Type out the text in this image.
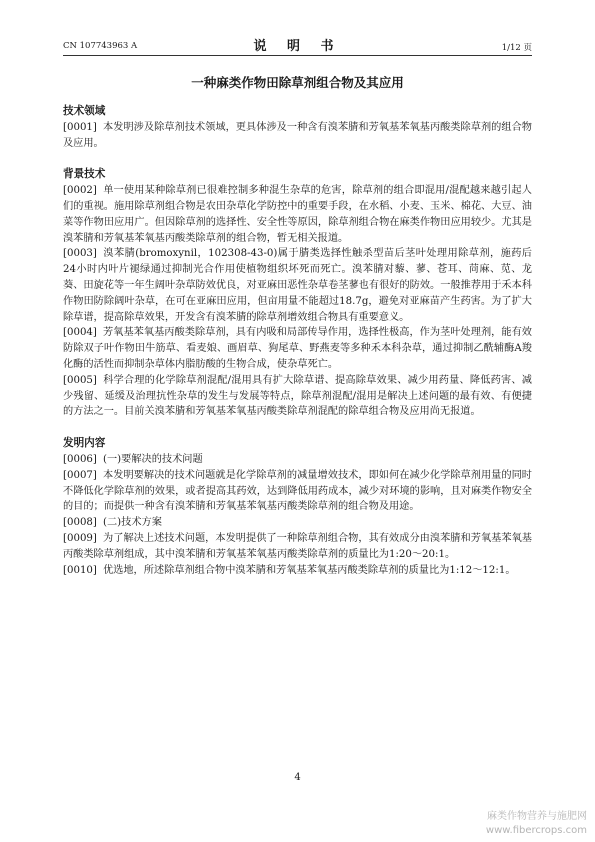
CN 107743963 A	说 明 书	1/12 页
一种麻类作物田除草剂组合物及其应用
技术领域
[0001] 本发明涉及除草剂技术领域，更具体涉及一种含有溴苯腈和芳氧基苯氧基丙酸类除草剂的组合物及应用。
背景技术
[0002] 单一使用某种除草剂已很难控制多种混生杂草的危害，除草剂的组合即混用/混配越来越引起人们的重视。施用除草剂组合物是农田杂草化学防控中的重要手段，在水稻、小麦、玉米、棉花、大豆、油菜等作物田应用广。但因除草剂的选择性、安全性等原因，除草剂组合物在麻类作物田应用较少。尤其是溴苯腈和芳氧基苯氧基丙酸类除草剂的组合物，暂无相关报道。
[0003] 溴苯腈(bromoxynil，102308-43-0)属于腈类选择性触杀型苗后茎叶处理用除草剂，施药后24小时内叶片褪绿通过抑制光合作用使植物组织坏死而死亡。溴苯腈对藜、蓼、苍耳、苘麻、苋、龙葵、田旋花等一年生阔叶杂草防效优良，对亚麻田恶性杂草卷茎蓼也有很好的防效。一般推荐用于禾本科作物田防除阔叶杂草，在可在亚麻田应用，但亩用量不能超过18.7g，避免对亚麻苗产生药害。为了扩大除草谱，提高除草效果，开发含有溴苯腈的除草剂增效组合物具有重要意义。
[0004] 芳氧基苯氧基丙酸类除草剂，具有内吸和局部传导作用，选择性极高，作为茎叶处理剂，能有效防除双子叶作物田牛筋草、看麦娘、画眉草、狗尾草、野燕麦等多种禾本科杂草，通过抑制乙酰辅酶A羧化酶的活性而抑制杂草体内脂肪酸的生物合成，使杂草死亡。
[0005] 科学合理的化学除草剂混配/混用具有扩大除草谱、提高除草效果、减少用药量、降低药害、减少残留、延缓及治理抗性杂草的发生与发展等特点，除草剂混配/混用是解决上述问题的最有效、有便捷的方法之一。目前关溴苯腈和芳氧基苯氧基丙酸类除草剂混配的除草组合物及应用尚无报道。
发明内容
[0006] (一)要解决的技术问题
[0007] 本发明要解决的技术问题就是化学除草剂的减量增效技术，即如何在减少化学除草剂用量的同时不降低化学除草剂的效果，或者提高其药效，达到降低用药成本，减少对环境的影响，且对麻类作物安全的目的；而提供一种含有溴苯腈和芳氧基苯氧基丙酸类除草剂的组合物及用途。
[0008] (二)技术方案
[0009] 为了解决上述技术问题，本发明提供了一种除草剂组合物，其有效成分由溴苯腈和芳氧基苯氧基丙酸类除草剂组成，其中溴苯腈和芳氧基苯氧基丙酸类除草剂的质量比为1:20～20:1。
[0010] 优选地，所述除草剂组合物中溴苯腈和芳氧基苯氧基丙酸类除草剂的质量比为1:12～12:1。
4
麻类作物营养与施肥网
www.fibercrops.com
